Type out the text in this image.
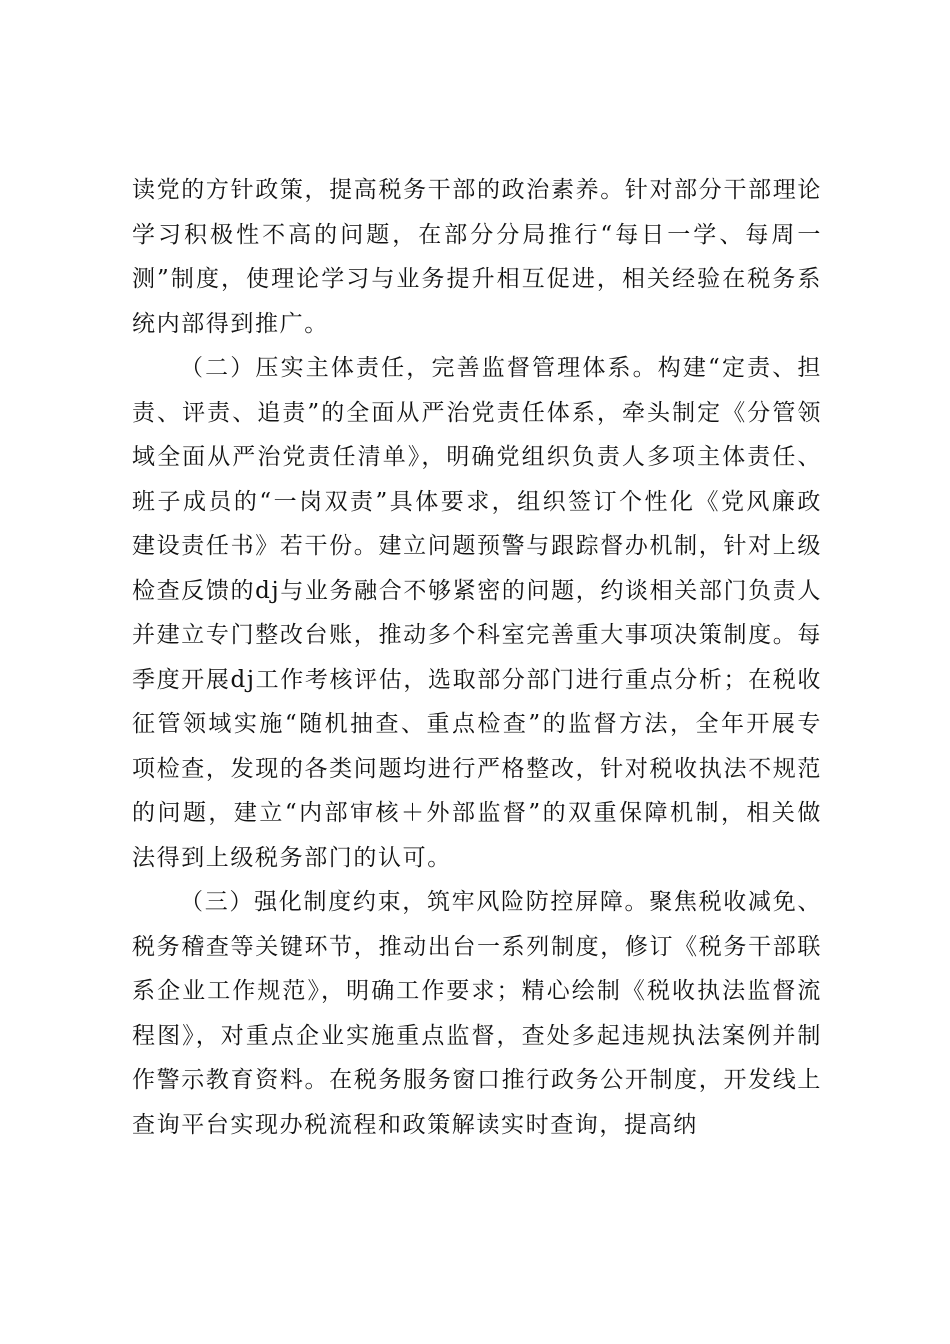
读党的方针政策，提高税务干部的政治素养。针对部分干部理论学习积极性不高的问题，在部分分局推行“每日一学、每周一测”制度，使理论学习与业务提升相互促进，相关经验在税务系统内部得到推广。

（二）压实主体责任，完善监督管理体系。构建“定责、担责、评责、追责”的全面从严治党责任体系，牵头制定《分管领域全面从严治党责任清单》，明确党组织负责人多项主体责任、班子成员的“一岗双责”具体要求，组织签订个性化《党风廉政建设责任书》若干份。建立问题预警与跟踪督办机制，针对上级检查反馈的dj与业务融合不够紧密的问题，约谈相关部门负责人并建立专门整改台账，推动多个科室完善重大事项决策制度。每季度开展dj工作考核评估，选取部分部门进行重点分析；在税收征管领域实施“随机抽查、重点检查”的监督方法，全年开展专项检查，发现的各类问题均进行严格整改，针对税收执法不规范的问题，建立“内部审核＋外部监督”的双重保障机制，相关做法得到上级税务部门的认可。

（三）强化制度约束，筑牢风险防控屏障。聚焦税收减免、税务稽查等关键环节，推动出台一系列制度，修订《税务干部联系企业工作规范》，明确工作要求；精心绘制《税收执法监督流程图》，对重点企业实施重点监督，查处多起违规执法案例并制作警示教育资料。在税务服务窗口推行政务公开制度，开发线上查询平台实现办税流程和政策解读实时查询，提高纳
